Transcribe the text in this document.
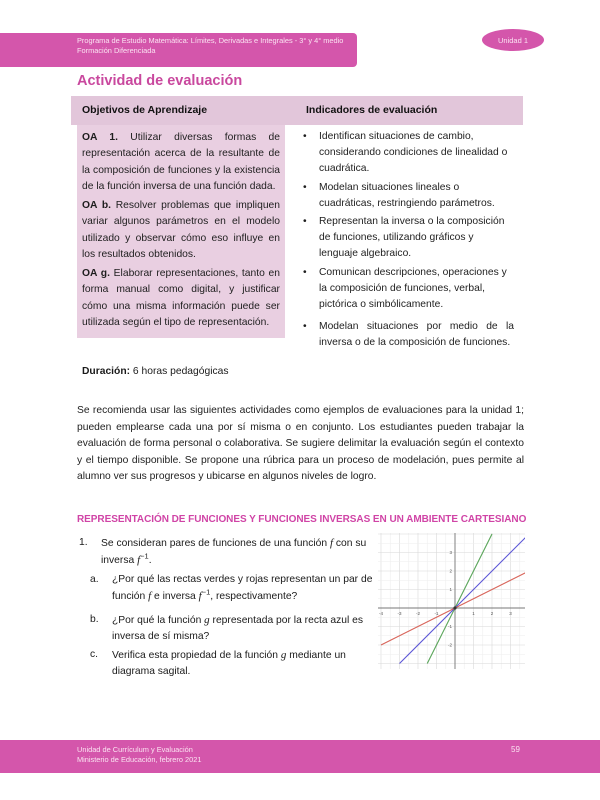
Programa de Estudio Matemática: Límites, Derivadas e Integrales - 3° y 4° medio
Formación Diferenciada
Unidad 1
Actividad de evaluación
Objetivos de Aprendizaje	Indicadores de evaluación
OA 1. Utilizar diversas formas de representación acerca de la resultante de la composición de funciones y la existencia de la función inversa de una función dada.
OA b. Resolver problemas que impliquen variar algunos parámetros en el modelo utilizado y observar cómo eso influye en los resultados obtenidos.
OA g. Elaborar representaciones, tanto en forma manual como digital, y justificar cómo una misma información puede ser utilizada según el tipo de representación.
• Identifican situaciones de cambio, considerando condiciones de linealidad o cuadrática.
• Modelan situaciones lineales o cuadráticas, restringiendo parámetros.
• Representan la inversa o la composición de funciones, utilizando gráficos y lenguaje algebraico.
• Comunican descripciones, operaciones y la composición de funciones, verbal, pictórica o simbólicamente.
• Modelan situaciones por medio de la inversa o de la composición de funciones.
Duración: 6 horas pedagógicas
Se recomienda usar las siguientes actividades como ejemplos de evaluaciones para la unidad 1; pueden emplearse cada una por sí misma o en conjunto. Los estudiantes pueden trabajar la evaluación de forma personal o colaborativa. Se sugiere delimitar la evaluación según el contexto y el tiempo disponible. Se propone una rúbrica para un proceso de modelación, pues permite al alumno ver sus progresos y ubicarse en algunos niveles de logro.
REPRESENTACIÓN DE FUNCIONES Y FUNCIONES INVERSAS EN UN AMBIENTE CARTESIANO
1. Se consideran pares de funciones de una función f con su inversa $f^{-1}$.
a. ¿Por qué las rectas verdes y rojas representan un par de función f e inversa $f^{-1}$, respectivamente?
b. ¿Por qué la función g representada por la recta azul es inversa de sí misma?
c. Verifica esta propiedad de la función g mediante un diagrama sagital.
-4	-3	-2	-1	1	2	3
-2
-1
1
2
3
Unidad de Currículum y Evaluación
Ministerio de Educación, febrero 2021
59
